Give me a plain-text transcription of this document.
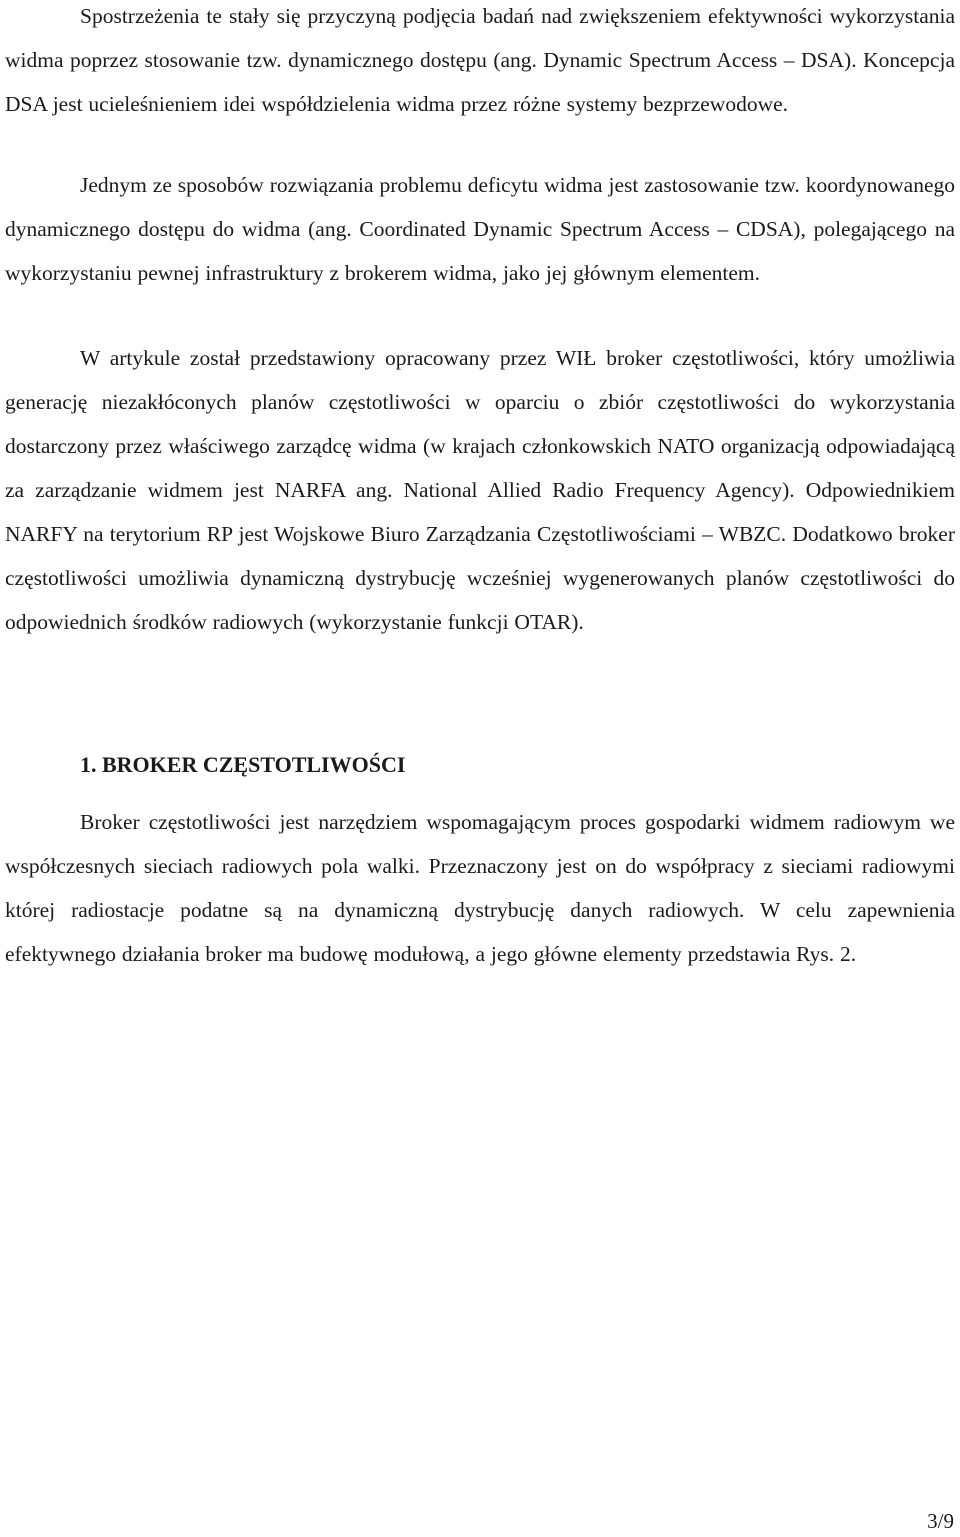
Spostrzeżenia te stały się przyczyną podjęcia badań nad zwiększeniem efektywności wykorzystania widma poprzez stosowanie tzw. dynamicznego dostępu (ang. Dynamic Spectrum Access – DSA). Koncepcja DSA jest ucieleśnieniem idei współdzielenia widma przez różne systemy bezprzewodowe.

Jednym ze sposobów rozwiązania problemu deficytu widma jest zastosowanie tzw. koordynowanego dynamicznego dostępu do widma (ang. Coordinated Dynamic Spectrum Access – CDSA), polegającego na wykorzystaniu pewnej infrastruktury z brokerem widma, jako jej głównym elementem.

W artykule został przedstawiony opracowany przez WIŁ broker częstotliwości, który umożliwia generację niezakłóconych planów częstotliwości w oparciu o zbiór częstotliwości do wykorzystania dostarczony przez właściwego zarządcę widma (w krajach członkowskich NATO organizacją odpowiadającą za zarządzanie widmem jest NARFA ang. National Allied Radio Frequency Agency). Odpowiednikiem NARFY na terytorium RP jest Wojskowe Biuro Zarządzania Częstotliwościami – WBZC. Dodatkowo broker częstotliwości umożliwia dynamiczną dystrybucję wcześniej wygenerowanych planów częstotliwości do odpowiednich środków radiowych (wykorzystanie funkcji OTAR).

1. BROKER CZĘSTOTLIWOŚCI

Broker częstotliwości jest narzędziem wspomagającym proces gospodarki widmem radiowym we współczesnych sieciach radiowych pola walki. Przeznaczony jest on do współpracy z sieciami radiowymi której radiostacje podatne są na dynamiczną dystrybucję danych radiowych. W celu zapewnienia efektywnego działania broker ma budowę modułową, a jego główne elementy przedstawia Rys. 2.

3/9
